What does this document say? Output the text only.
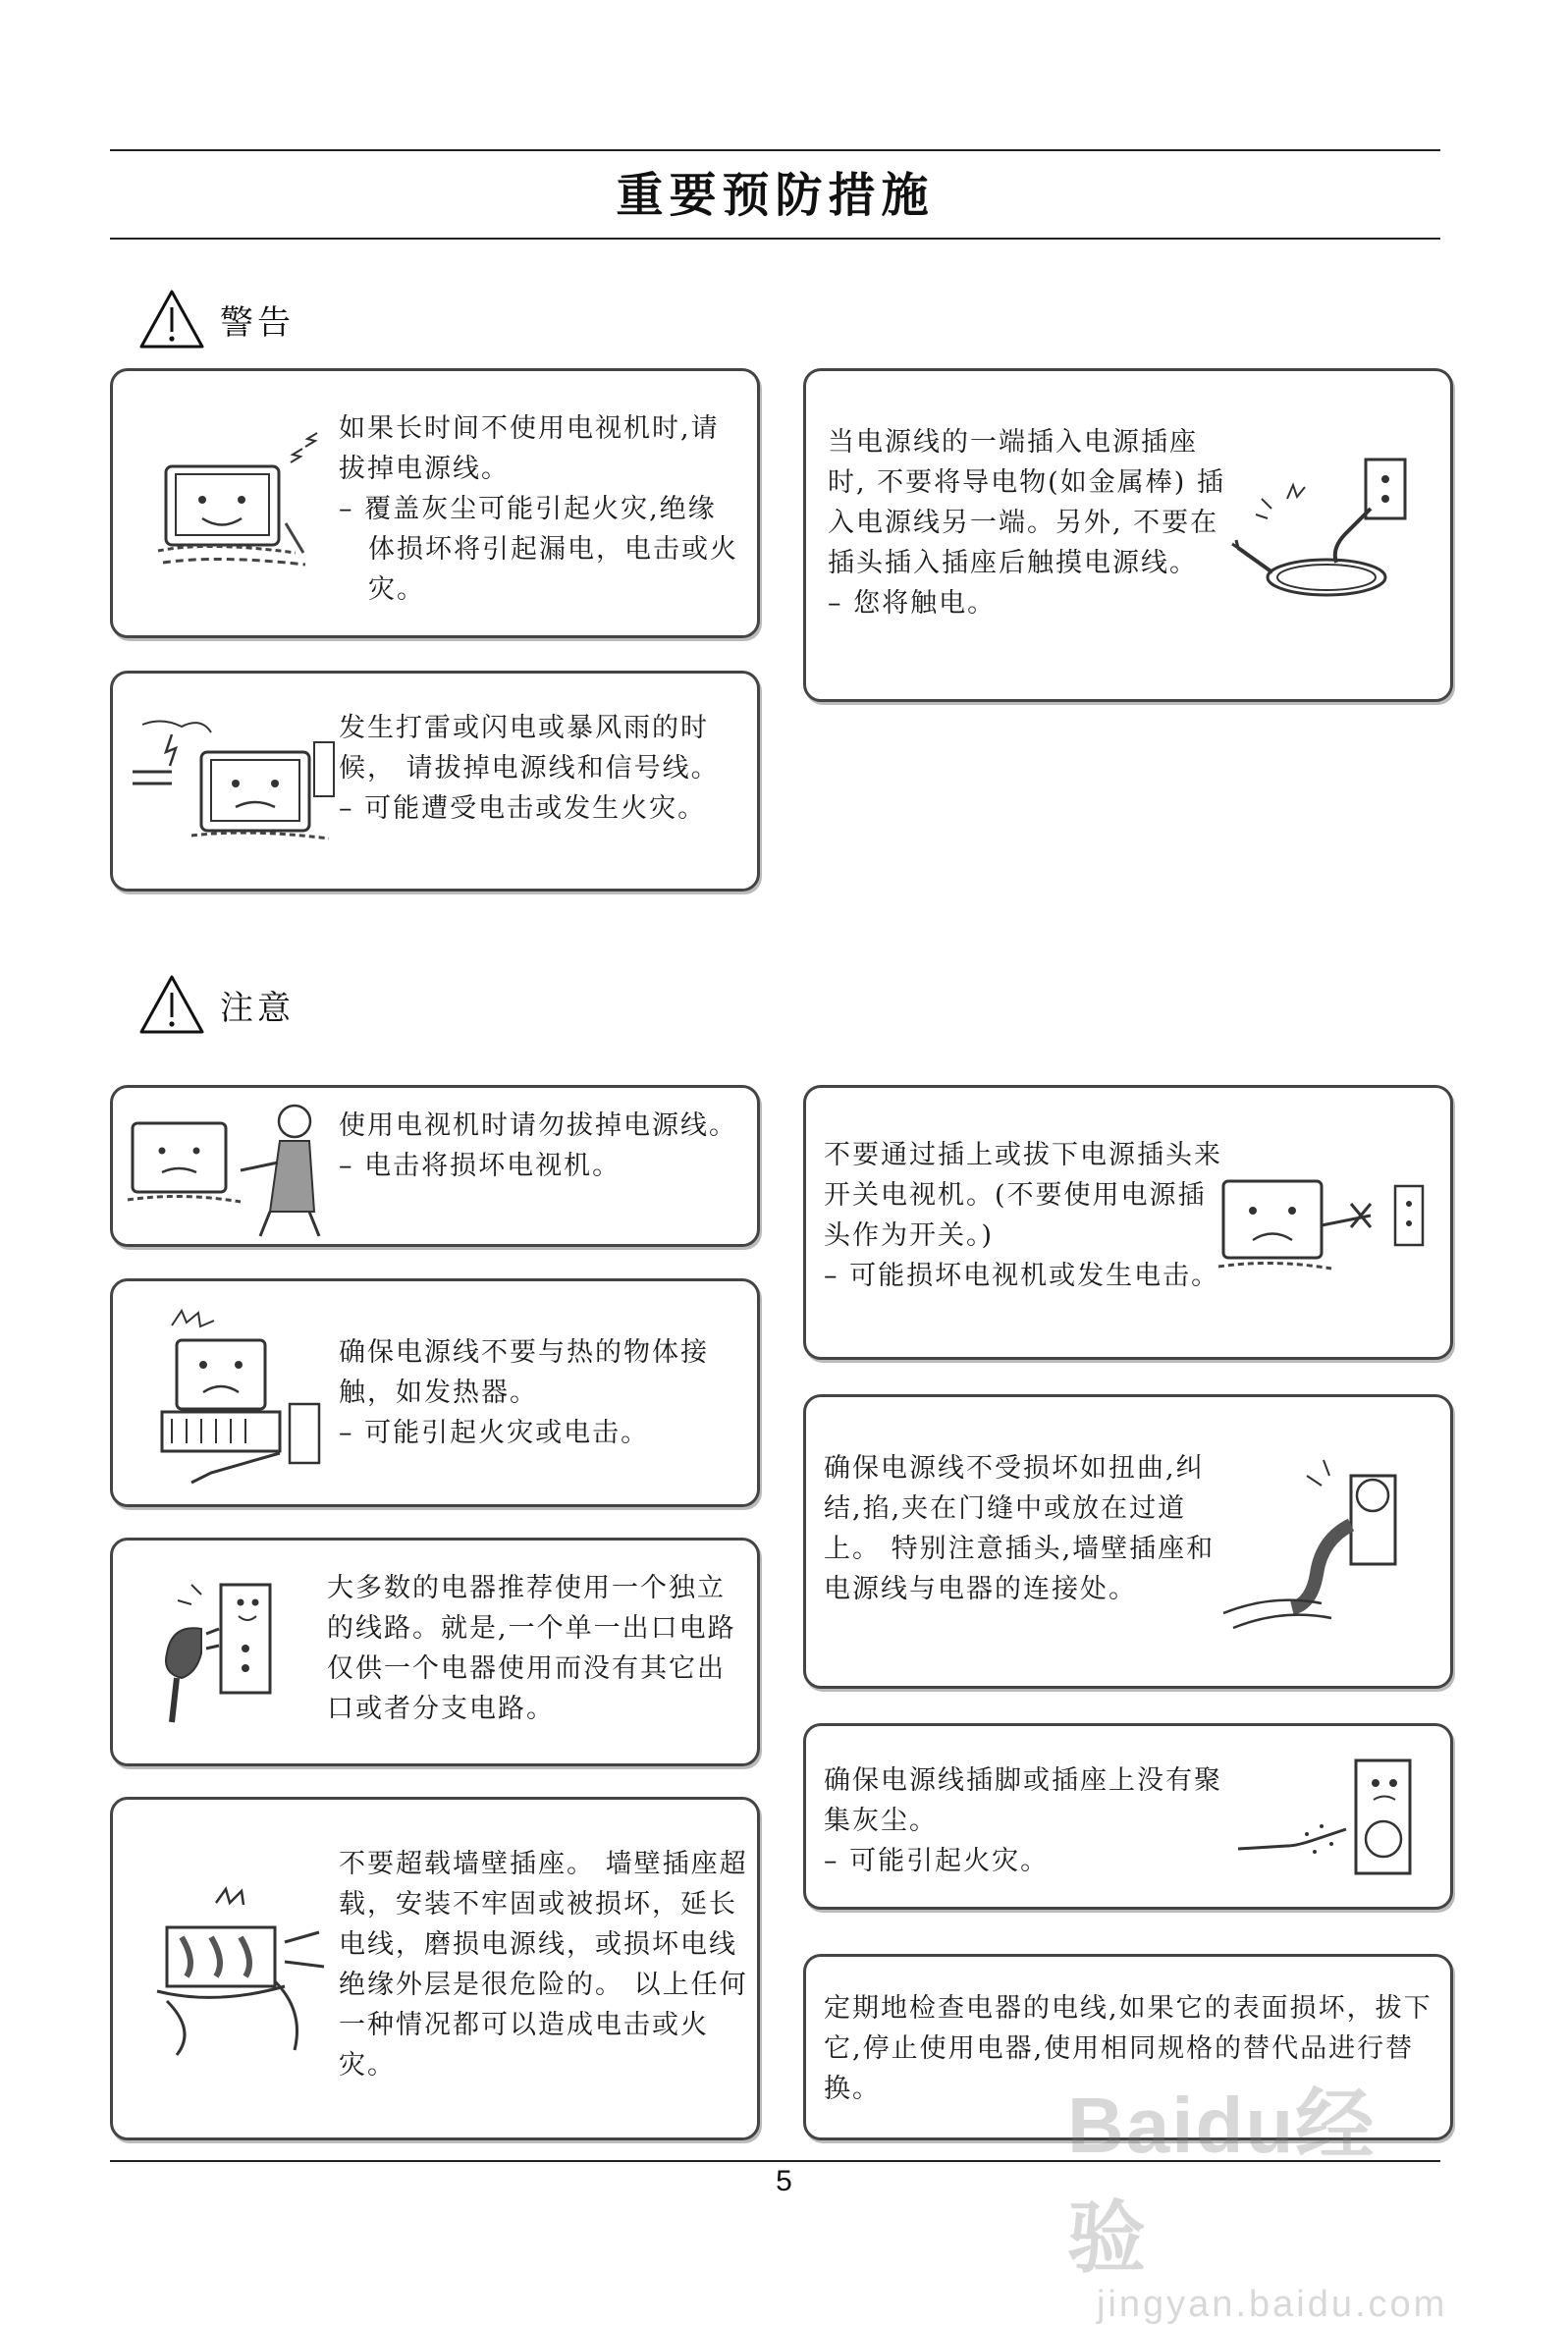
重要预防措施
警告
如果长时间不使用电视机时,请拔掉电源线。
– 覆盖灰尘可能引起火灾,绝缘体损坏将引起漏电，电击或火灾。
当电源线的一端插入电源插座时, 不要将导电物(如金属棒) 插入电源线另一端。另外, 不要在插头插入插座后触摸电源线。
– 您将触电。
发生打雷或闪电或暴风雨的时候， 请拔掉电源线和信号线。
– 可能遭受电击或发生火灾。
注意
使用电视机时请勿拔掉电源线。
– 电击将损坏电视机。	不要通过插上或拔下电源插头来开关电视机。(不要使用电源插头作为开关。)
– 可能损坏电视机或发生电击。
确保电源线不要与热的物体接触，如发热器。
– 可能引起火灾或电击。
确保电源线不受损坏如扭曲,纠结,掐,夹在门缝中或放在过道上。 特别注意插头,墙壁插座和电源线与电器的连接处。
大多数的电器推荐使用一个独立的线路。就是,一个单一出口电路仅供一个电器使用而没有其它出口或者分支电路。
确保电源线插脚或插座上没有聚集灰尘。
– 可能引起火灾。
不要超载墙壁插座。 墙壁插座超载，安装不牢固或被损坏，延长电线，磨损电源线，或损坏电线绝缘外层是很危险的。 以上任何一种情况都可以造成电击或火灾。
定期地检查电器的电线,如果它的表面损坏，拔下它,停止使用电器,使用相同规格的替代品进行替换。
5
Baidu经验
jingyan.baidu.com
